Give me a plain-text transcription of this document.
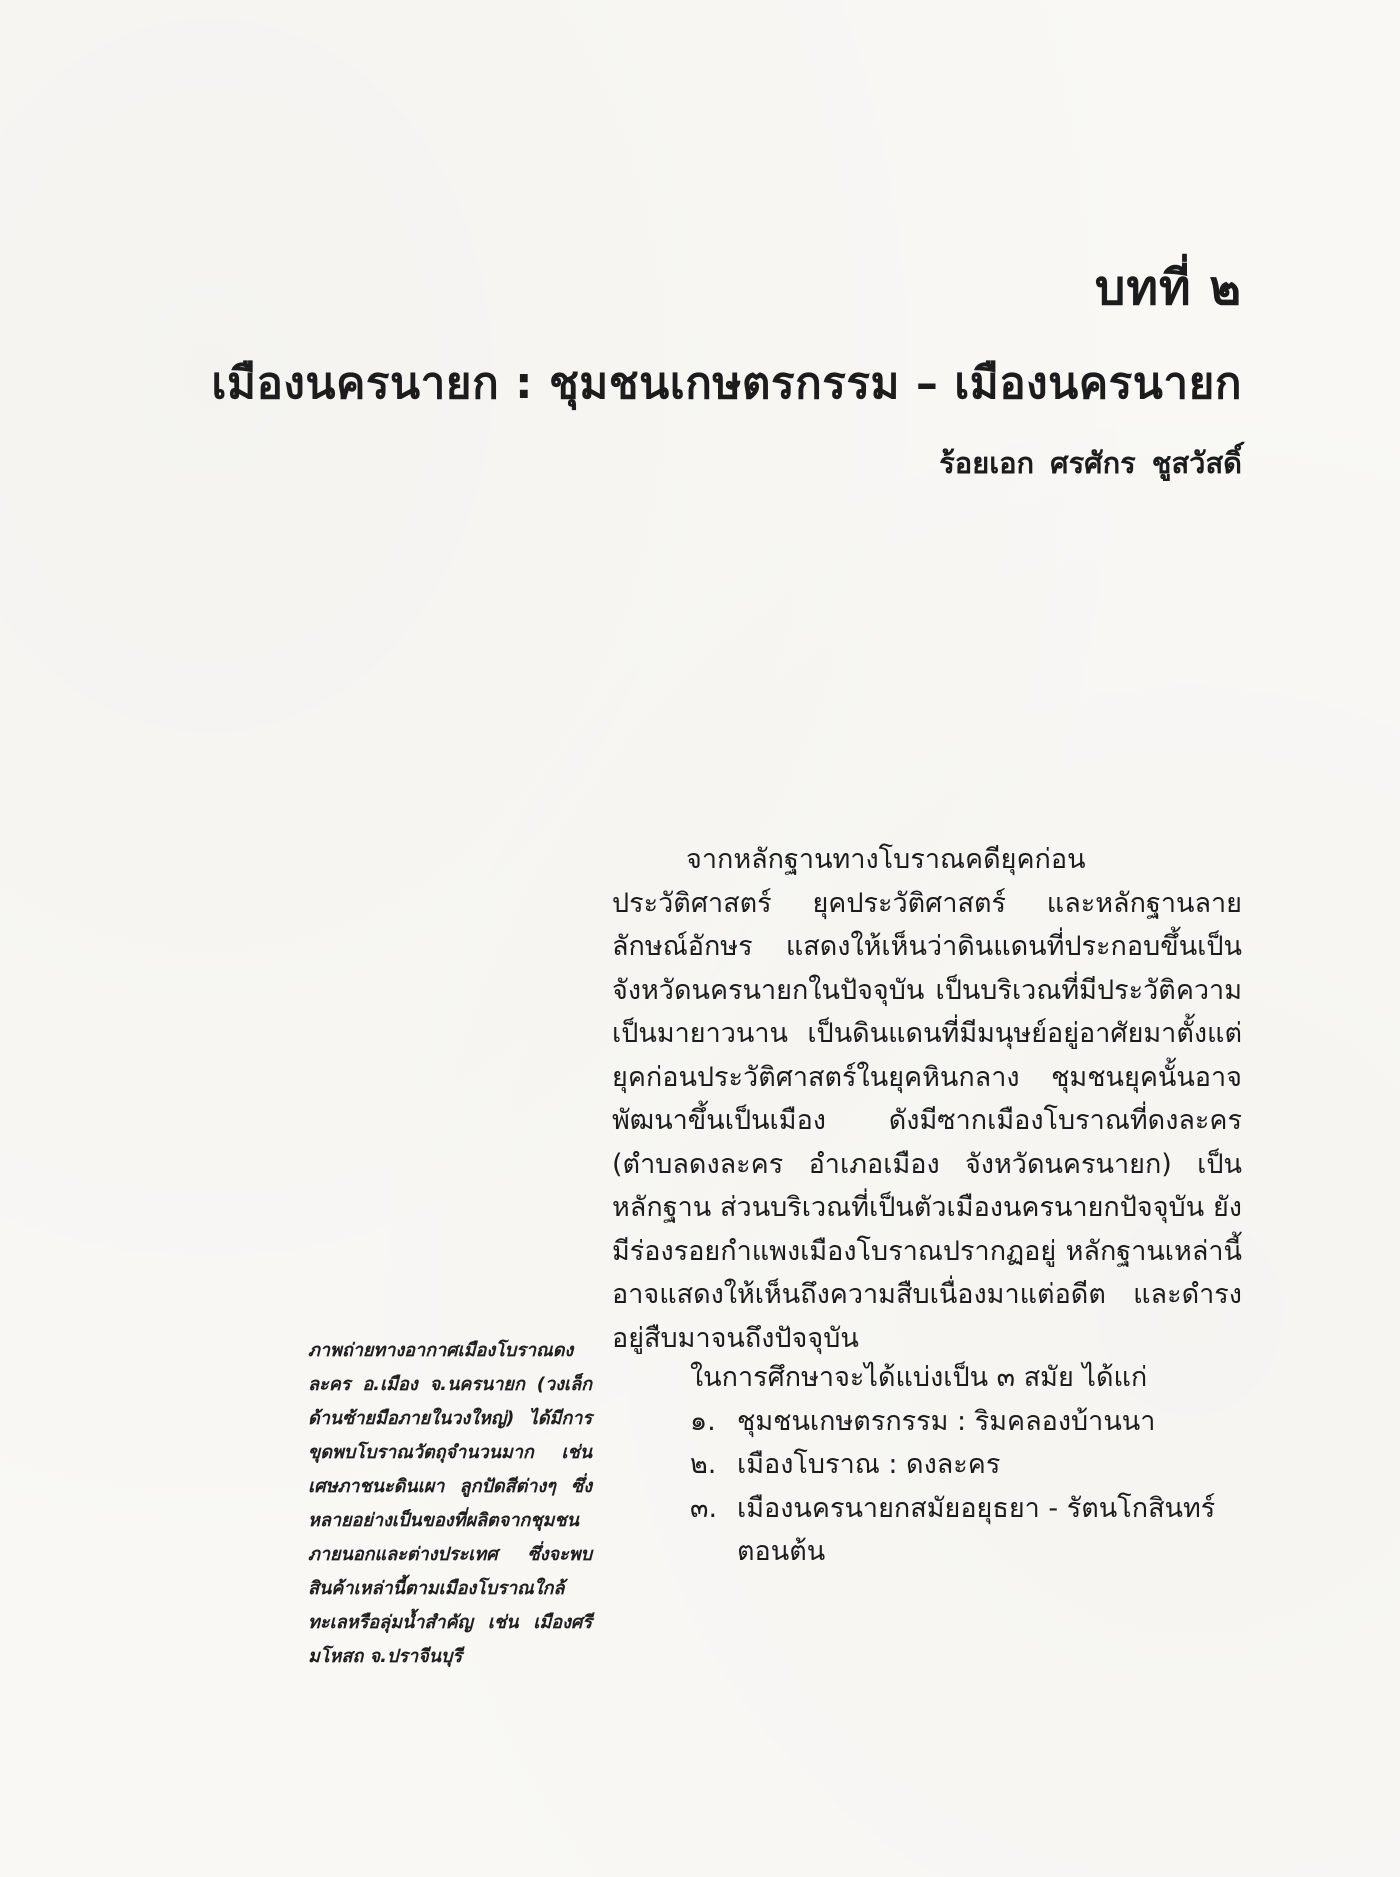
บทที่ ๒
เมืองนครนายก : ชุมชนเกษตรกรรม – เมืองนครนายก
ร้อยเอก ศรศักร ชูสวัสดิ์

จากหลักฐานทางโบราณคดียุคก่อนประวัติศาสตร์ ยุคประวัติศาสตร์ และหลักฐานลายลักษณ์อักษร แสดงให้เห็นว่าดินแดนที่ประกอบขึ้นเป็นจังหวัดนครนายกในปัจจุบัน เป็นบริเวณที่มีประวัติความเป็นมายาวนาน เป็นดินแดนที่มีมนุษย์อยู่อาศัยมาตั้งแต่ยุคก่อนประวัติศาสตร์ในยุคหินกลาง ชุมชนยุคนั้นอาจพัฒนาขึ้นเป็นเมือง ดังมีซากเมืองโบราณที่ดงละคร (ตำบลดงละคร อำเภอเมือง จังหวัดนครนายก) เป็นหลักฐาน ส่วนบริเวณที่เป็นตัวเมืองนครนายกปัจจุบัน ยังมีร่องรอยกำแพงเมืองโบราณปรากฏอยู่ หลักฐานเหล่านี้อาจแสดงให้เห็นถึงความสืบเนื่องมาแต่อดีต และดำรงอยู่สืบมาจนถึงปัจจุบัน

ในการศึกษาจะได้แบ่งเป็น ๓ สมัย ได้แก่

๑. ชุมชนเกษตรกรรม : ริมคลองบ้านนา
๒. เมืองโบราณ : ดงละคร
๓. เมืองนครนายกสมัยอยุธยา - รัตนโกสินทร์ตอนต้น

ภาพถ่ายทางอากาศเมืองโบราณดงละคร อ.เมือง จ.นครนายก (วงเล็กด้านซ้ายมือภายในวงใหญ่) ได้มีการขุดพบโบราณวัตถุจำนวนมาก เช่น เศษภาชนะดินเผา ลูกปัดสีต่างๆ ซึ่งหลายอย่างเป็นของที่ผลิตจากชุมชนภายนอกและต่างประเทศ ซึ่งจะพบสินค้าเหล่านี้ตามเมืองโบราณใกล้ทะเลหรือลุ่มน้ำสำคัญ เช่น เมืองศรีมโหสถ จ.ปราจีนบุรี
